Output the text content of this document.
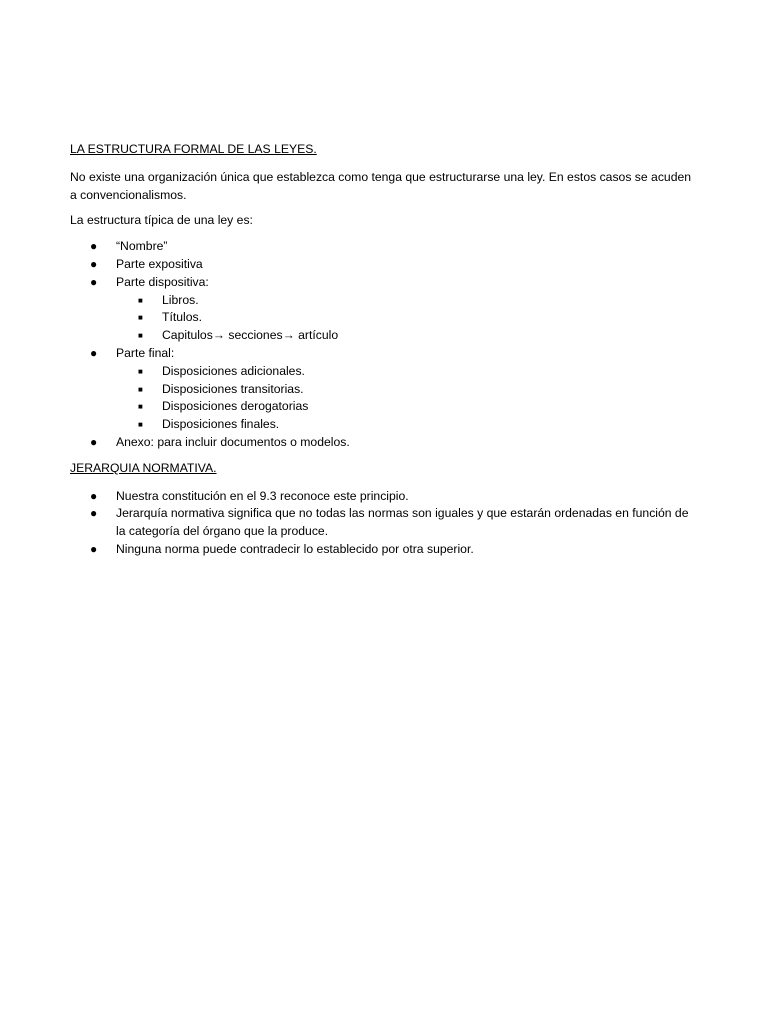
LA ESTRUCTURA FORMAL DE LAS LEYES.

No existe una organización única que establezca como tenga que estructurarse una ley. En estos casos se acuden a convencionalismos.

La estructura típica de una ley es:

● “Nombre”
● Parte expositiva
● Parte dispositiva:
■ Libros.
■ Títulos.
■ Capitulos→ secciones→ artículo
● Parte final:
■ Disposiciones adicionales.
■ Disposiciones transitorias.
■ Disposiciones derogatorias
■ Disposiciones finales.
● Anexo: para incluir documentos o modelos.
JERARQUIA NORMATIVA.
● Nuestra constitución en el 9.3 reconoce este principio.
● Jerarquía normativa significa que no todas las normas son iguales y que estarán ordenadas en función de la categoría del órgano que la produce.
● Ninguna norma puede contradecir lo establecido por otra superior.
